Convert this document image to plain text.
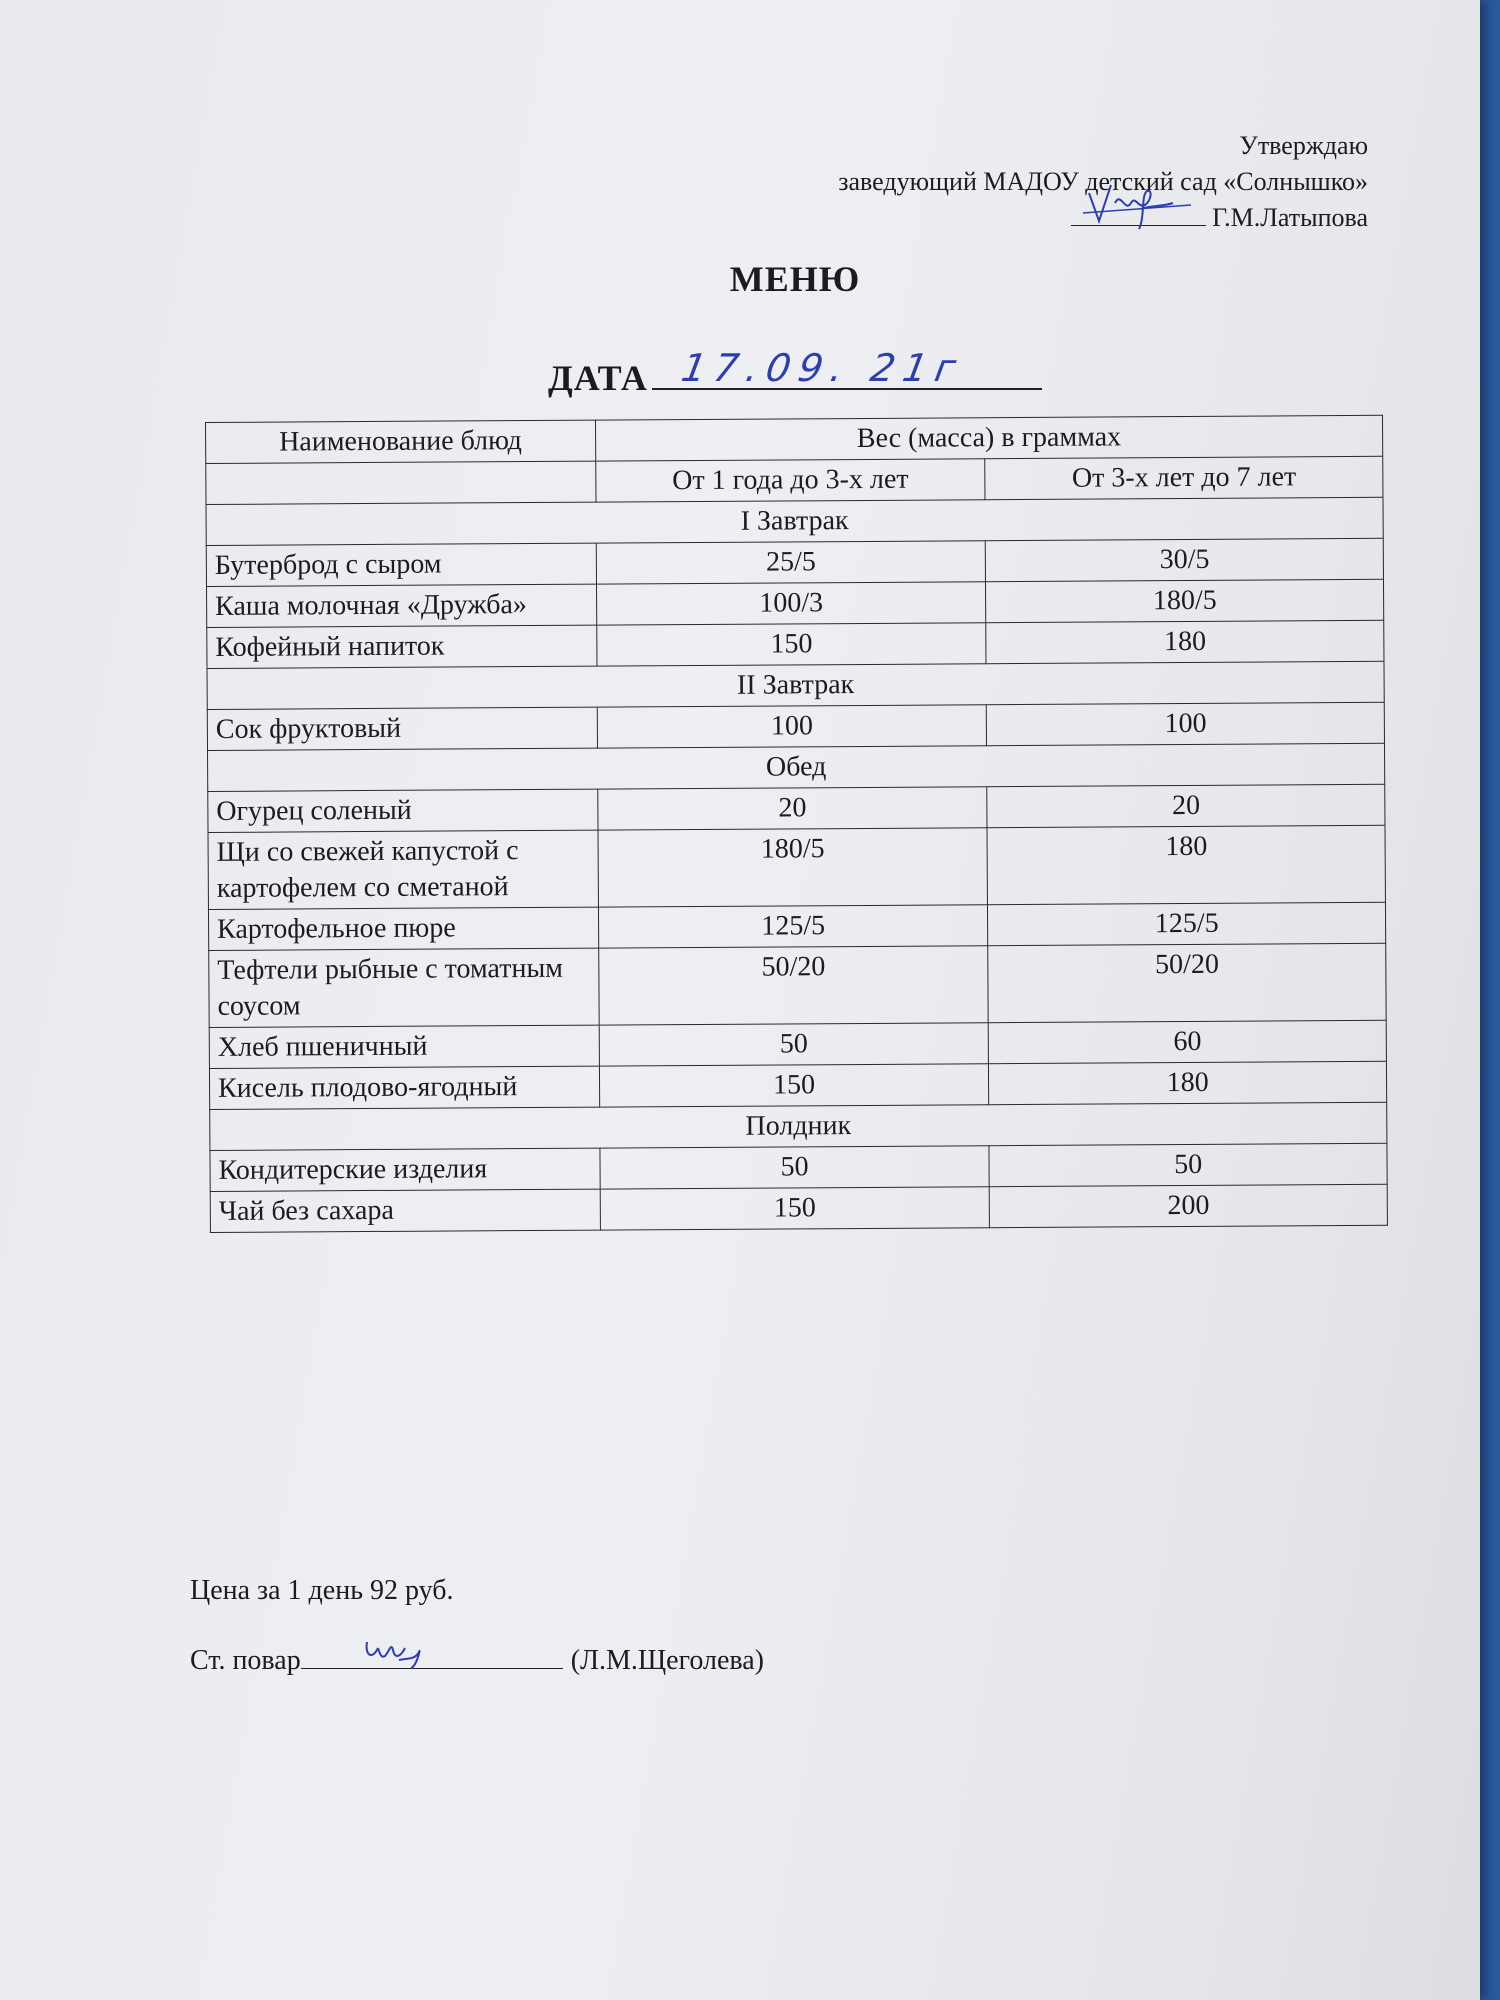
Утверждаю
заведующий МАДОУ детский сад «Солнышко»
Г.М.Латыпова
МЕНЮ
ДАТА 17.09. 21г
Наименование блюд	Вес (масса) в граммах	
	От 1 года до 3-х лет	От 3-х лет до 7 лет
I Завтрак		
Бутерброд с сыром	25/5	30/5
Каша молочная «Дружба»	100/3	180/5
Кофейный напиток	150	180
II Завтрак		
Сок фруктовый	100	100
Обед		
Огурец соленый	20	20
Щи со свежей капустой с картофелем со сметаной	180/5	180
Картофельное пюре	125/5	125/5
Тефтели рыбные с томатным соусом	50/20	50/20
Хлеб пшеничный	50	60
Кисель плодово-ягодный	150	180
Полдник		
Кондитерские изделия	50	50
Чай без сахара	150	200
Цена за 1 день 92 руб.
Ст. повар	(Л.М.Щеголева)
